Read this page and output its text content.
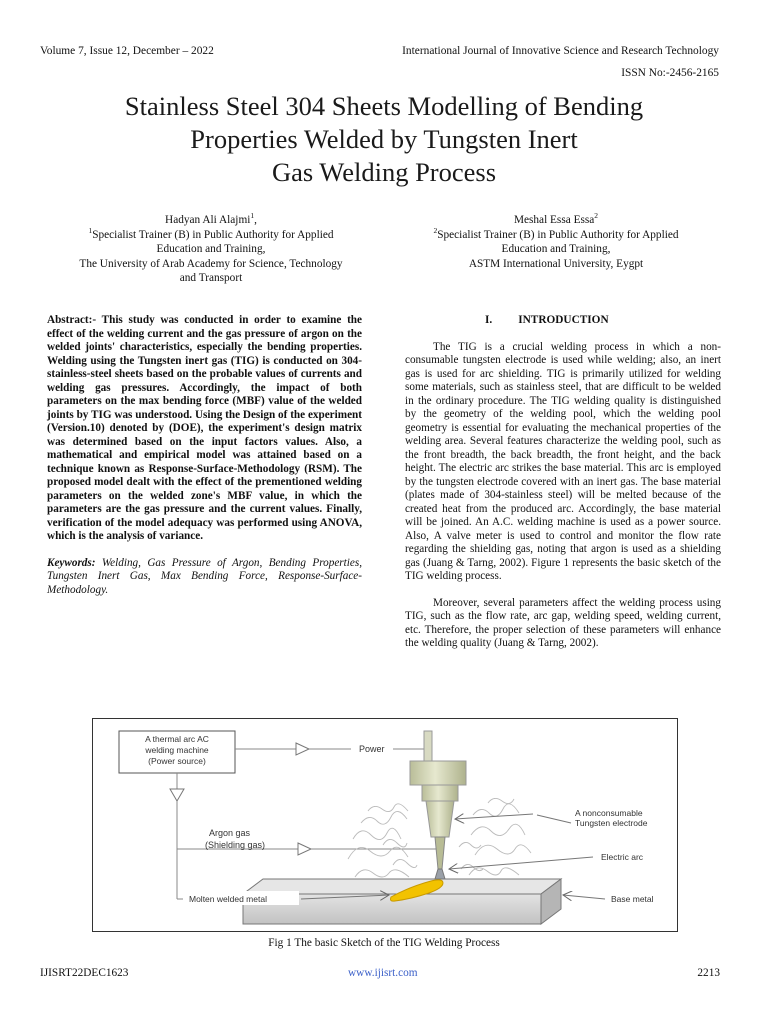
Volume 7, Issue 12, December – 2022	International Journal of Innovative Science and Research Technology
ISSN No:-2456-2165
Stainless Steel 304 Sheets Modelling of Bending
Properties Welded by Tungsten Inert
Gas Welding Process
Hadyan Ali Alajmi$^1$,
$^1$Specialist Trainer (B) in Public Authority for Applied
Education and Training,
The University of Arab Academy for Science, Technology
and Transport
Meshal Essa Essa$^2$
$^2$Specialist Trainer (B) in Public Authority for Applied
Education and Training,
ASTM International University, Eygpt
Abstract:- This study was conducted in order to examine the effect of the welding current and the gas pressure of argon on the welded joints' characteristics, especially the bending properties. Welding using the Tungsten inert gas (TIG) is conducted on 304-stainless-steel sheets based on the probable values of currents and welding gas pressures. Accordingly, the impact of both parameters on the max bending force (MBF) value of the welded joints by TIG was understood. Using the Design of the experiment (Version.10) denoted by (DOE), the experiment's design matrix was determined based on the input factors values. Also, a mathematical and empirical model was attained based on a technique known as Response-Surface-Methodology (RSM). The proposed model dealt with the effect of the prementioned welding parameters on the welded zone's MBF value, in which the parameters are the gas pressure and the current values. Finally, verification of the model adequacy was performed using ANOVA, which is the analysis of variance.
Keywords: Welding, Gas Pressure of Argon, Bending Properties, Tungsten Inert Gas, Max Bending Force, Response-Surface-Methodology.
I. INTRODUCTION

The TIG is a crucial welding process in which a non-consumable tungsten electrode is used while welding; also, an inert gas is used for arc shielding. TIG is primarily utilized for welding some materials, such as stainless steel, that are difficult to be welded in the ordinary procedure. The TIG welding quality is distinguished by the geometry of the welding pool, which the welding pool geometry is essential for evaluating the mechanical properties of the welding area. Several features characterize the welding pool, such as the front breadth, the back breadth, the front height, and the back height. The electric arc strikes the base material. This arc is employed by the tungsten electrode covered with an inert gas. The base material (plates made of 304-stainless steel) will be melted because of the created heat from the produced arc. Accordingly, the base material will be joined. An A.C. welding machine is used as a power source. Also, A valve meter is used to control and monitor the flow rate regarding the shielding gas, noting that argon is used as a shielding gas (Juang & Tarng, 2002). Figure 1 represents the basic sketch of the TIG welding process.

Moreover, several parameters affect the welding process using TIG, such as the flow rate, arc gap, welding speed, welding current, etc. Therefore, the proper selection of these parameters will enhance the welding quality (Juang & Tarng, 2002).

A thermal arc AC
welding machine
(Power source)
Power
A nonconsumable
Tungsten electrode
Electric arc
Base metal
Argon gas
(Shielding gas)
Molten welded metal
Fig 1 The basic Sketch of the TIG Welding Process
IJISRT22DEC1623	www.ijisrt.com	2213
